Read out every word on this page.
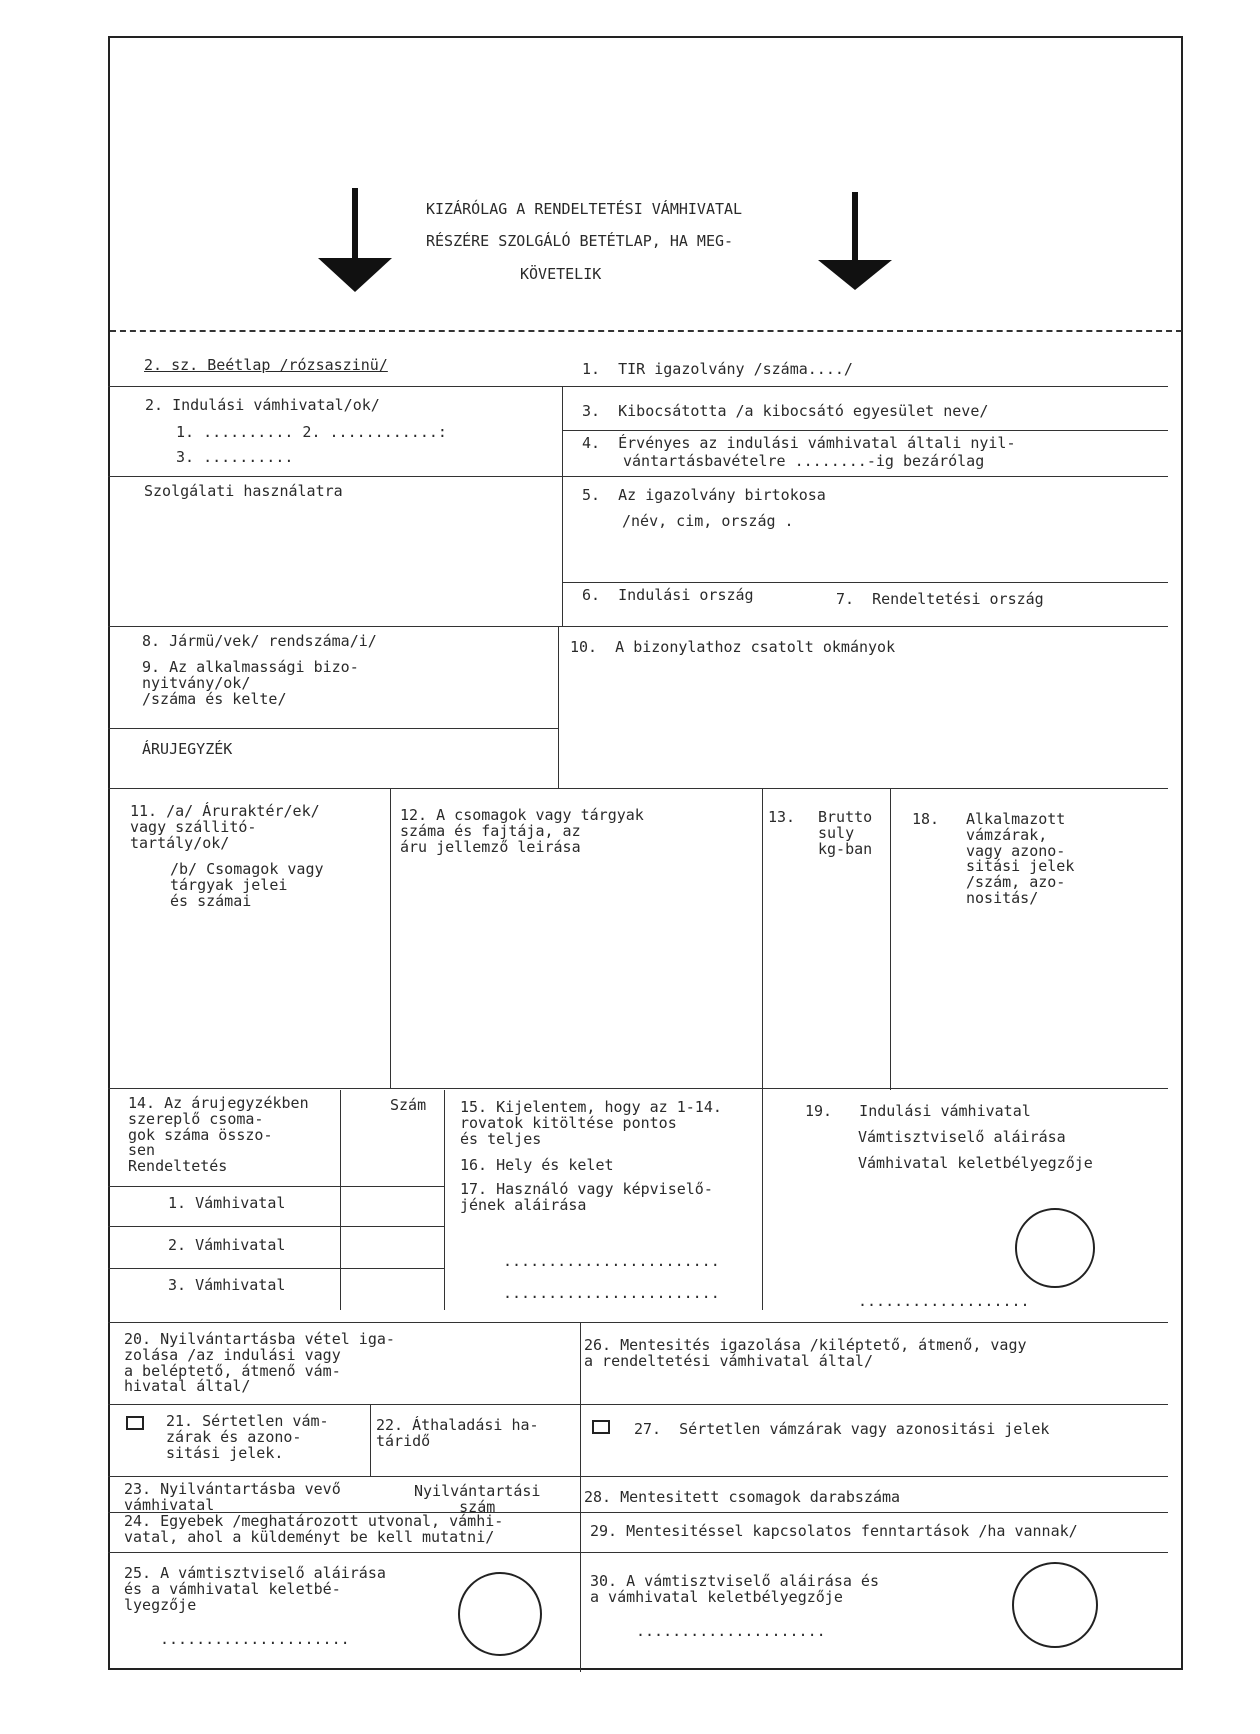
KIZÁRÓLAG A RENDELTETÉSI VÁMHIVATAL
RÉSZÉRE SZOLGÁLÓ BETÉTLAP, HA MEG-
KÖVETELIK
2. sz. Beétlap /rózsaszinü/	1.  TIR igazolvány /száma..../
2. Indulási vámhivatal/ok/
1. .......... 2. ............:
3. ..........
3.  Kibocsátotta /a kibocsátó egyesület neve/
4.  Érvényes az indulási vámhivatal általi nyil-
vántartásbavételre ........-ig bezárólag
Szolgálati használatra	5.  Az igazolvány birtokosa
/név, cim, ország .
6.  Indulási ország	7.  Rendeltetési ország
8. Jármü/vek/ rendszáma/i/
9. Az alkalmassági bizo-
nyitvány/ok/
/száma és kelte/
10.  A bizonylathoz csatolt okmányok
ÁRUJEGYZÉK
11. /a/ Áruraktér/ek/
vagy szállitó-
tartály/ok/
/b/ Csomagok vagy
tárgyak jelei
és számai
12. A csomagok vagy tárgyak
száma és fajtája, az
áru jellemző leirása
13. Brutto
suly
kg-ban
18. Alkalmazott
vámzárak,
vagy azono-
sitási jelek
/szám, azo-
nositás/
14. Az árujegyzékben
szereplő csoma-
gok száma összo-
sen
Rendeltetés
Szám
1. Vámhivatal
2. Vámhivatal
3. Vámhivatal
15. Kijelentem, hogy az 1-14.
rovatok kitöltése pontos
és teljes
16. Hely és kelet
17. Használó vagy képviselő-
jének aláirása
........................
........................
19.   Indulási vámhivatal
Vámtisztviselő aláirása
Vámhivatal keletbélyegzője
...................
20. Nyilvántartásba vétel iga-
zolása /az indulási vagy
a beléptető, átmenő vám-
hivatal által/
26. Mentesités igazolása /kiléptető, átmenő, vagy
a rendeltetési vámhivatal által/
21. Sértetlen vám-
zárak és azono-
sitási jelek.
22. Áthaladási ha-
táridő
27.  Sértetlen vámzárak vagy azonositási jelek
23. Nyilvántartásba vevő
vámhivatal
Nyilvántartási
szám
28. Mentesitett csomagok darabszáma
24. Egyebek /meghatározott utvonal, vámhi-
vatal, ahol a küldeményt be kell mutatni/	29. Mentesitéssel kapcsolatos fenntartások /ha vannak/
25. A vámtisztviselő aláirása
és a vámhivatal keletbé-
lyegzője
.....................
30. A vámtisztviselő aláirása és
a vámhivatal keletbélyegzője
.....................
